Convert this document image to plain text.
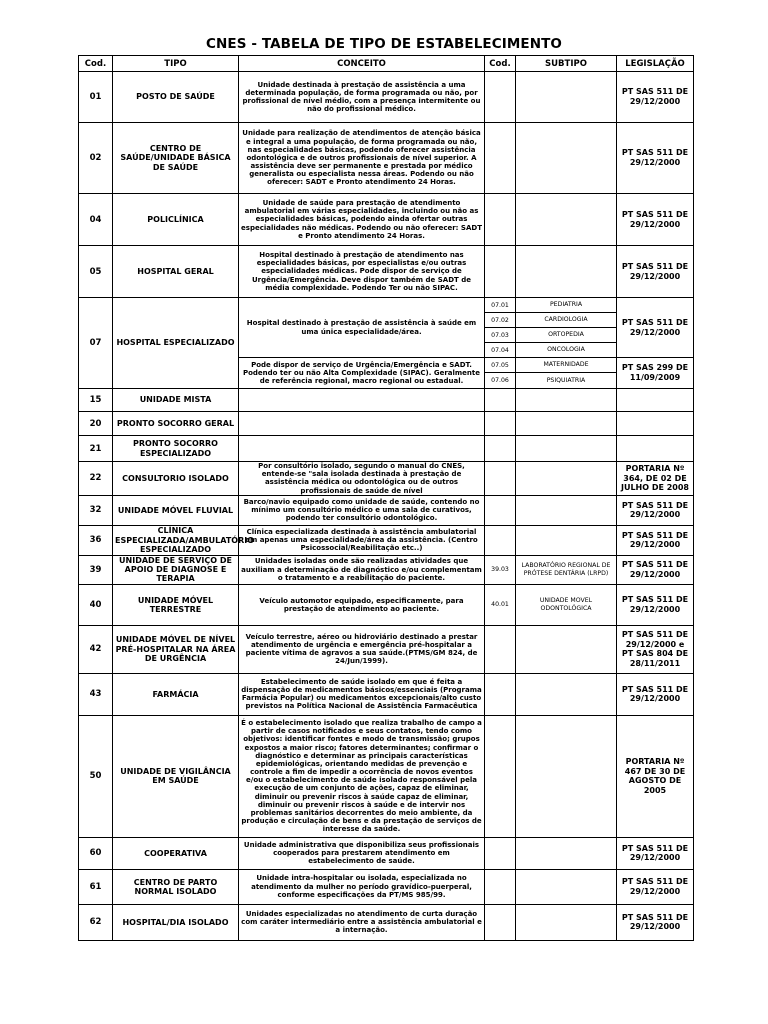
CNES - TABELA DE TIPO DE ESTABELECIMENTO
Cod.	TIPO	CONCEITO	Cod.	SUBTIPO	LEGISLAÇÃO
01	POSTO DE SAÚDE	Unidade destinada à prestação de assistência a uma determinada população, de forma programada ou não, por profissional de nível médio, com a presença intermitente ou não do profissional médico.			PT SAS 511 DE 29/12/2000
02	CENTRO DE SAÚDE/UNIDADE BÁSICA DE SAÚDE	Unidade para realização de atendimentos de atenção básica e integral a uma população, de forma programada ou não, nas especialidades básicas, podendo oferecer assistência odontológica e de outros profissionais de nível superior. A assistência deve ser permanente e prestada por médico generalista ou especialista nessa áreas. Podendo ou não oferecer: SADT e Pronto atendimento 24 Horas.			PT SAS 511 DE 29/12/2000
04	POLICLÍNICA	Unidade de saúde para prestação de atendimento ambulatorial em várias especialidades, incluindo ou não as especialidades básicas, podendo ainda ofertar outras especialidades não médicas. Podendo ou não oferecer: SADT e Pronto atendimento 24 Horas.			PT SAS 511 DE 29/12/2000
05	HOSPITAL GERAL	Hospital destinado à prestação de atendimento nas especialidades básicas, por especialistas e/ou outras especialidades médicas. Pode dispor de serviço de Urgência/Emergência. Deve dispor também de SADT de média complexidade. Podendo Ter ou não SIPAC.			PT SAS 511 DE 29/12/2000
07	HOSPITAL ESPECIALIZADO	Hospital destinado à prestação de assistência à saúde em uma única especialidade/área.	07.01	PEDIATRIA	PT SAS 511 DE 29/12/2000
			07.02	CARDIOLOGIA	
			07.03	ORTOPEDIA	
			07.04	ONCOLOGIA	
		Pode dispor de serviço de Urgência/Emergência e SADT. Podendo ter ou não Alta Complexidade (SIPAC). Geralmente de referência regional, macro regional ou estadual.	07.05	MATERNIDADE	PT SAS 299 DE 11/09/2009
			07.06	PSIQUIATRIA	
15	UNIDADE MISTA				
20	PRONTO SOCORRO GERAL				
21	PRONTO SOCORRO ESPECIALIZADO				
22	CONSULTORIO ISOLADO	Por consultório isolado, segundo o manual do CNES, entende-se "sala isolada destinada à prestação de assistência médica ou odontológica ou de outros profissionais de saúde de nível			PORTARIA Nº 364, DE 02 DE JULHO DE 2008
32	UNIDADE MÓVEL FLUVIAL	Barco/navio equipado como unidade de saúde, contendo no mínimo um consultório médico e uma sala de curativos, podendo ter consultório odontológico.			PT SAS 511 DE 29/12/2000
36	CLÍNICA ESPECIALIZADA/AMBULATÓRIO ESPECIALIZADO	Clínica especializada destinada à assistência ambulatorial em apenas uma especialidade/área da assistência. (Centro Psicossocial/Reabilitação etc..)			PT SAS 511 DE 29/12/2000
39	UNIDADE DE SERVIÇO DE APOIO DE DIAGNOSE E TERAPIA	Unidades isoladas onde são realizadas atividades que auxiliam a determinação de diagnóstico e/ou complementam o tratamento e a reabilitação do paciente.	39.03	LABORATÓRIO REGIONAL DE PRÓTESE DENTÁRIA (LRPD)	PT SAS 511 DE 29/12/2000
40	UNIDADE MÓVEL TERRESTRE	Veículo automotor equipado, especificamente, para prestação de atendimento ao paciente.	40.01	UNIDADE MOVEL ODONTOLÓGICA	PT SAS 511 DE 29/12/2000
42	UNIDADE MÓVEL DE NÍVEL PRÉ-HOSPITALAR NA ÁREA DE URGÊNCIA	Veículo terrestre, aéreo ou hidroviário destinado a prestar atendimento de urgência e emergência pré-hospitalar a paciente vítima de agravos a sua saúde.(PTMS/GM 824, de 24/Jun/1999).			PT SAS 511 DE 29/12/2000 e PT SAS 804 DE 28/11/2011
43	FARMÁCIA	Estabelecimento de saúde isolado em que é feita a dispensação de medicamentos básicos/essenciais (Programa Farmácia Popular) ou medicamentos excepcionais/alto custo previstos na Política Nacional de Assistência Farmacêutica			PT SAS 511 DE 29/12/2000
50	UNIDADE DE VIGILÂNCIA EM SAÚDE	É o estabelecimento isolado que realiza trabalho de campo a partir de casos notificados e seus contatos, tendo como objetivos: identificar fontes e modo de transmissão; grupos expostos a maior risco; fatores determinantes; confirmar o diagnóstico e determinar as principais características epidemiológicas, orientando medidas de prevenção e controle a fim de impedir a ocorrência de novos eventos e/ou o estabelecimento de saúde isolado responsável pela execução de um conjunto de ações, capaz de eliminar, diminuir ou prevenir riscos à saúde capaz de eliminar, diminuir ou prevenir riscos à saúde e de intervir nos problemas sanitários decorrentes do meio ambiente, da produção e circulação de bens e da prestação de serviços de interesse da saúde.			PORTARIA Nº 467 DE 30 DE AGOSTO DE 2005
60	COOPERATIVA	Unidade administrativa que disponibiliza seus profissionais cooperados para prestarem atendimento em estabelecimento de saúde.			PT SAS 511 DE 29/12/2000
61	CENTRO DE PARTO NORMAL ISOLADO	Unidade intra-hospitalar ou isolada, especializada no atendimento da mulher no período gravídico-puerperal, conforme especificações da PT/MS 985/99.			PT SAS 511 DE 29/12/2000
62	HOSPITAL/DIA ISOLADO	Unidades especializadas no atendimento de curta duração com caráter intermediário entre a assistência ambulatorial e a internação.			PT SAS 511 DE 29/12/2000
